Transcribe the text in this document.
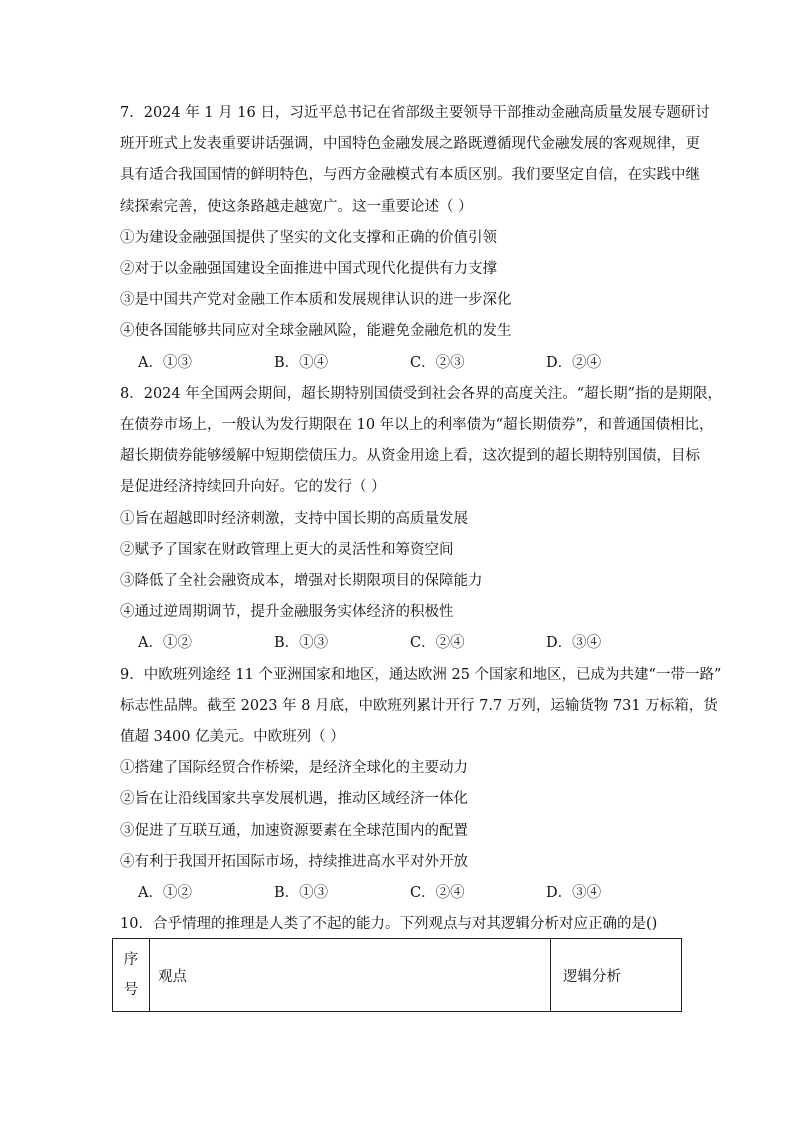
7．2024 年 1 月 16 日，习近平总书记在省部级主要领导干部推动金融高质量发展专题研讨
班开班式上发表重要讲话强调，中国特色金融发展之路既遵循现代金融发展的客观规律，更
具有适合我国国情的鲜明特色，与西方金融模式有本质区别。我们要坚定自信，在实践中继
续探索完善，使这条路越走越宽广。这一重要论述（ ）

①为建设金融强国提供了坚实的文化支撑和正确的价值引领

②对于以金融强国建设全面推进中国式现代化提供有力支撑

③是中国共产党对金融工作本质和发展规律认识的进一步深化

④使各国能够共同应对全球金融风险，能避免金融危机的发生

A．①③	B．①④	C．②③	D．②④

8．2024 年全国两会期间，超长期特别国债受到社会各界的高度关注。“超长期”指的是期限，
在债券市场上，一般认为发行期限在 10 年以上的利率债为“超长期债券”，和普通国债相比，
超长期债券能够缓解中短期偿债压力。从资金用途上看，这次提到的超长期特别国债，目标
是促进经济持续回升向好。它的发行（ ）

①旨在超越即时经济刺激，支持中国长期的高质量发展

②赋予了国家在财政管理上更大的灵活性和筹资空间

③降低了全社会融资成本，增强对长期限项目的保障能力

④通过逆周期调节，提升金融服务实体经济的积极性

A．①②	B．①③	C．②④	D．③④

9．中欧班列途经 11 个亚洲国家和地区，通达欧洲 25 个国家和地区，已成为共建“一带一路”
标志性品牌。截至 2023 年 8 月底，中欧班列累计开行 7.7 万列，运输货物 731 万标箱，货
值超 3400 亿美元。中欧班列（ ）

①搭建了国际经贸合作桥梁，是经济全球化的主要动力

②旨在让沿线国家共享发展机遇，推动区域经济一体化

③促进了互联互通，加速资源要素在全球范围内的配置

④有利于我国开拓国际市场，持续推进高水平对外开放

A．①②	B．①③	C．②④	D．③④

10．合乎情理的推理是人类了不起的能力。下列观点与对其逻辑分析对应正确的是()

序
号	观点	逻辑分析
